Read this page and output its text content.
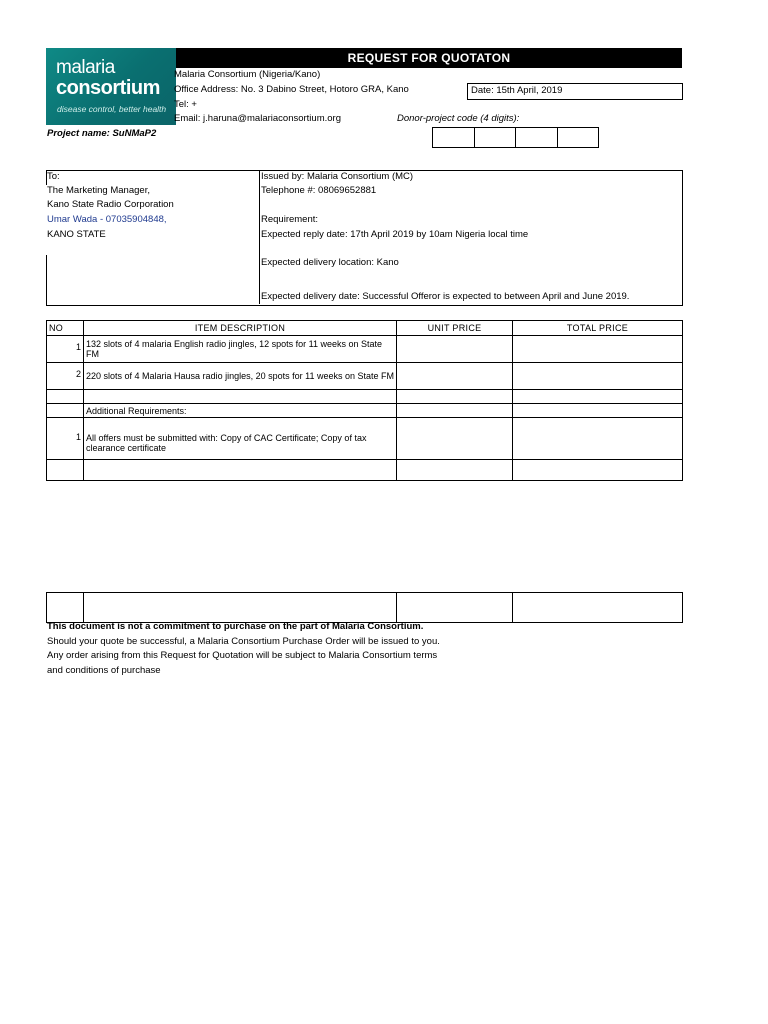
malaria
consortium
disease control, better health
REQUEST FOR QUOTATON
Malaria Consortium (Nigeria/Kano)
Office Address: No. 3 Dabino Street, Hotoro GRA, Kano
Tel: +
Email: j.haruna@malariaconsortium.org
Date: 15th April, 2019
Donor-project code (4 digits):
Project name: SuNMaP2
To:
The Marketing Manager,
Kano State Radio Corporation
Umar Wada - 07035904848,
KANO STATE
Issued by: Malaria Consortium (MC)
Telephone #: 08069652881
Requirement:
Expected reply date: 17th April 2019 by 10am Nigeria local time
Expected delivery location: Kano
Expected delivery date: Successful Offeror is expected to between April and June 2019.
NO	ITEM DESCRIPTION	UNIT PRICE	TOTAL PRICE
1	132 slots of 4 malaria English radio jingles, 12 spots for 11 weeks on State FM		
2	220 slots of 4 Malaria Hausa radio jingles, 20 spots for 11 weeks on State FM		

	Additional Requirements:		
1	All offers must be submitted with: Copy of CAC Certificate; Copy of tax clearance certificate		

This document is not a commitment to purchase on the part of Malaria Consortium.
Should your quote be successful, a Malaria Consortium Purchase Order will be issued to you.
Any order arising from this Request for Quotation will be subject to Malaria Consortium terms
and conditions of purchase
